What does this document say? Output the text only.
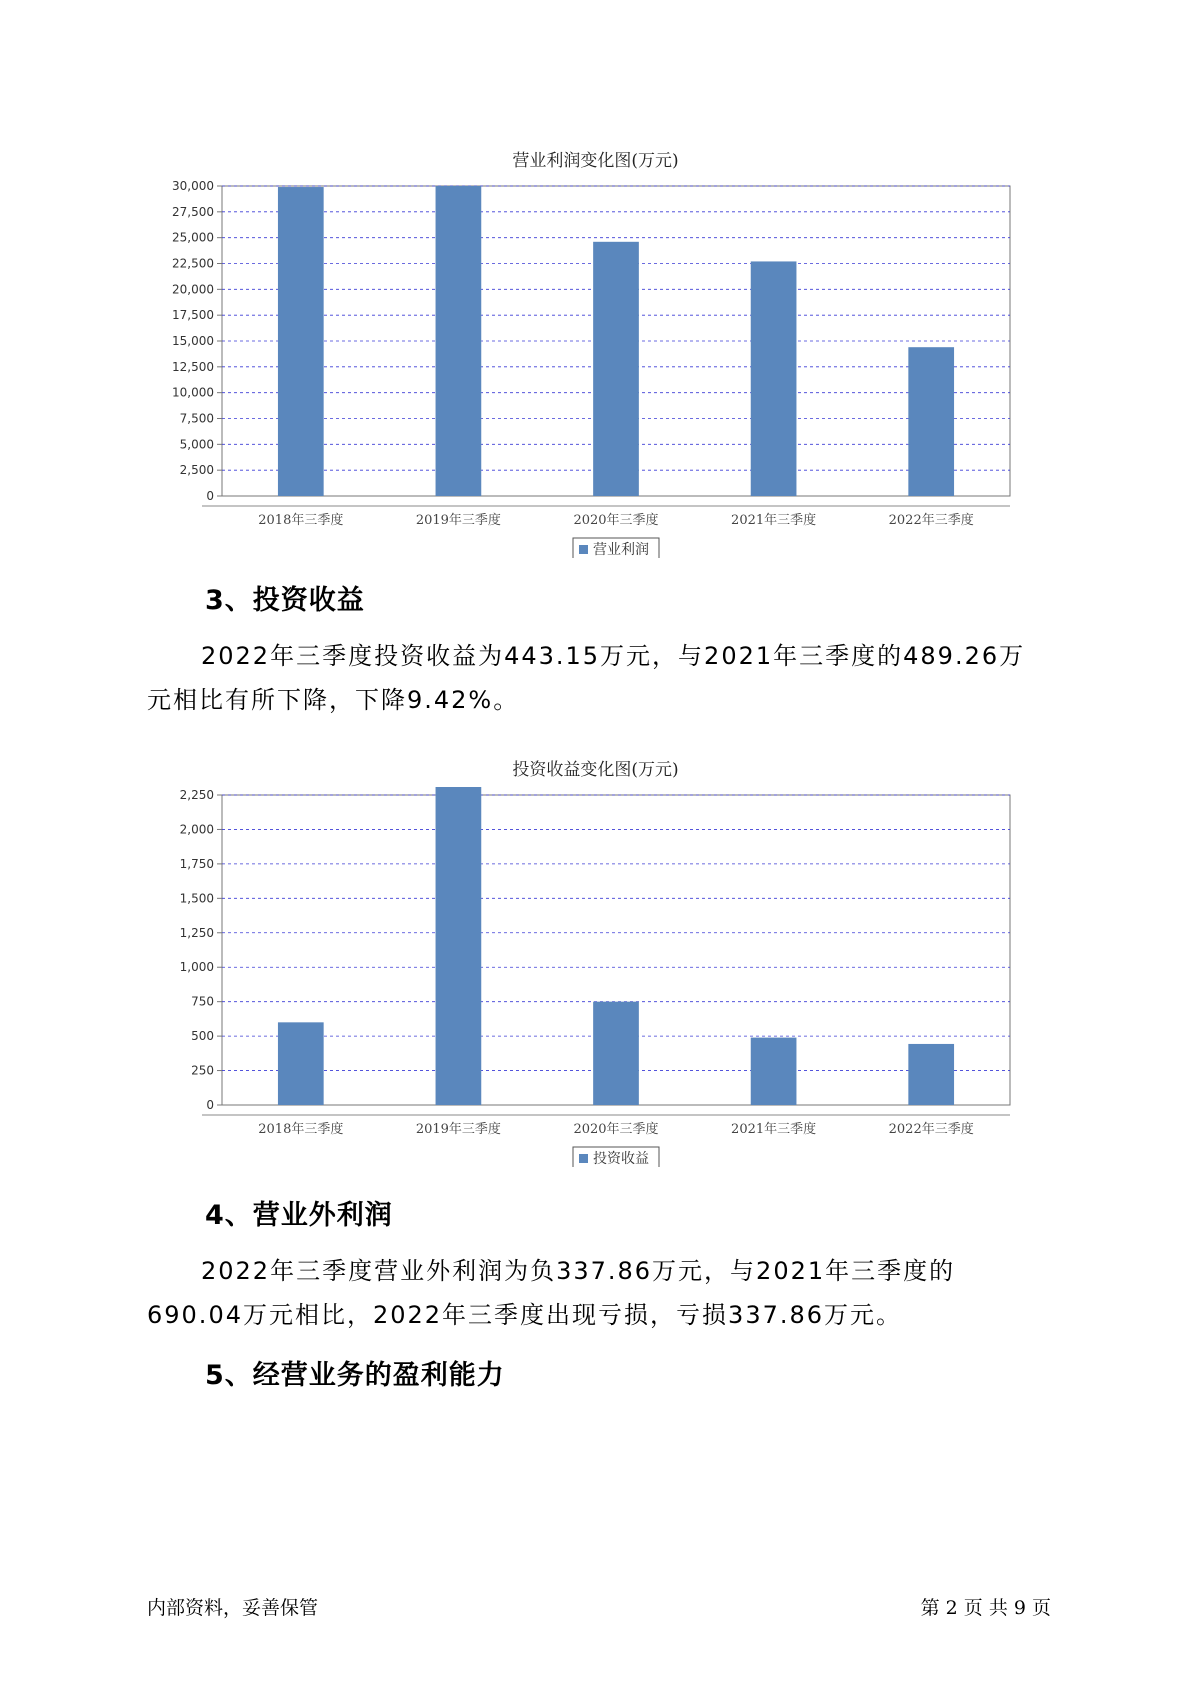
营业利润变化图(万元)
0
2,500
5,000
7,500
10,000
12,500
15,000
17,500
20,000
22,500
25,000
27,500
30,000
2018年三季度	2019年三季度	2020年三季度	2021年三季度	2022年三季度
营业利润
3、投资收益
2022年三季度投资收益为443.15万元，与2021年三季度的489.26万元相比有所下降，下降9.42%。
投资收益变化图(万元)
0
250
500
750
1,000
1,250
1,500
1,750
2,000
2,250
2018年三季度	2019年三季度	2020年三季度	2021年三季度	2022年三季度
投资收益
4、营业外利润
2022年三季度营业外利润为负337.86万元，与2021年三季度的690.04万元相比，2022年三季度出现亏损，亏损337.86万元。
5、经营业务的盈利能力
内部资料，妥善保管	第 2 页 共 9 页
